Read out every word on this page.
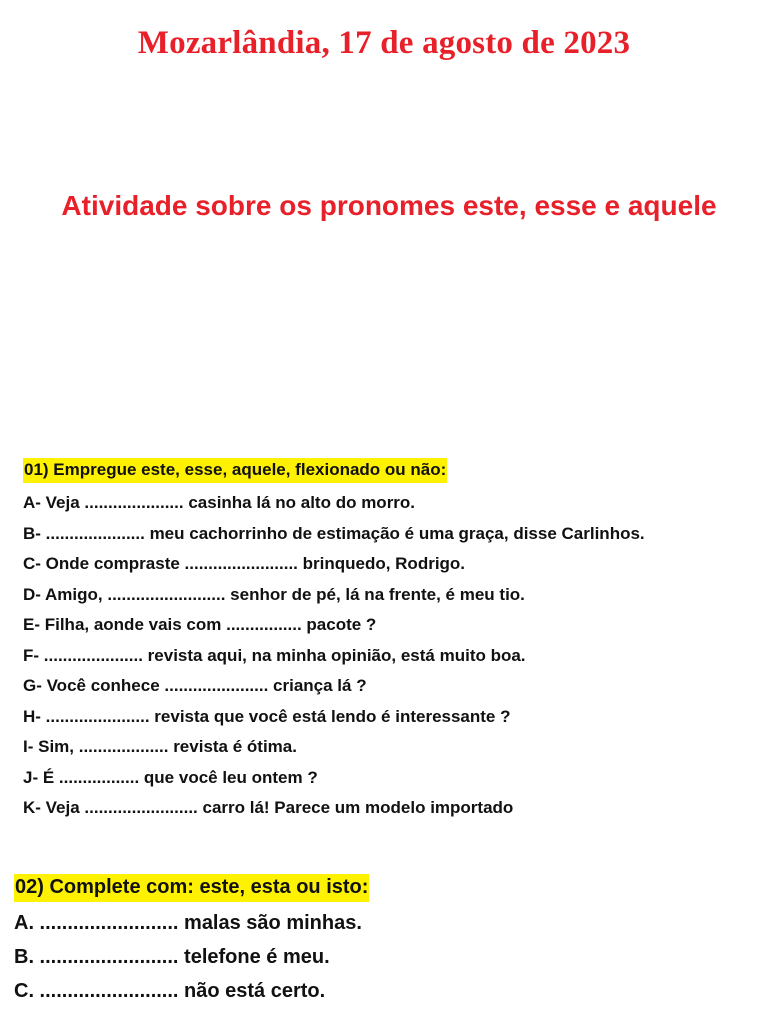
Mozarlândia, 17 de agosto de 2023
Atividade sobre os pronomes este, esse e aquele
01) Empregue este, esse, aquele, flexionado ou não:
A- Veja ..................... casinha lá no alto do morro.
B- ..................... meu cachorrinho de estimação é uma graça, disse Carlinhos.
C- Onde compraste ........................ brinquedo, Rodrigo.
D- Amigo, ......................... senhor de pé, lá na frente, é meu tio.
E- Filha, aonde vais com ................ pacote ?
F- ..................... revista aqui, na minha opinião, está muito boa.
G- Você conhece ...................... criança lá ?
H- ...................... revista que você está lendo é interessante ?
I- Sim, ................... revista é ótima.
J- É ................. que você leu ontem ?
K- Veja ........................ carro lá! Parece um modelo importado
02) Complete com: este, esta ou isto:
A. ......................... malas são minhas.
B. ......................... telefone é meu.
C. ......................... não está certo.
